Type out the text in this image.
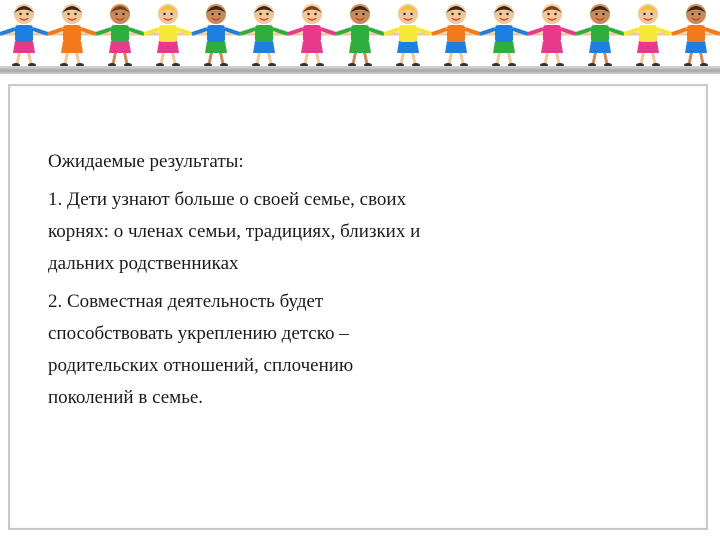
Ожидаемые результаты:

1. Дети узнают больше о своей семье, своих
корнях: о членах семьи, традициях, близких и
дальних родственниках

2. Совместная деятельность будет
способствовать укреплению детско –
родительских отношений, сплочению
поколений в семье.
